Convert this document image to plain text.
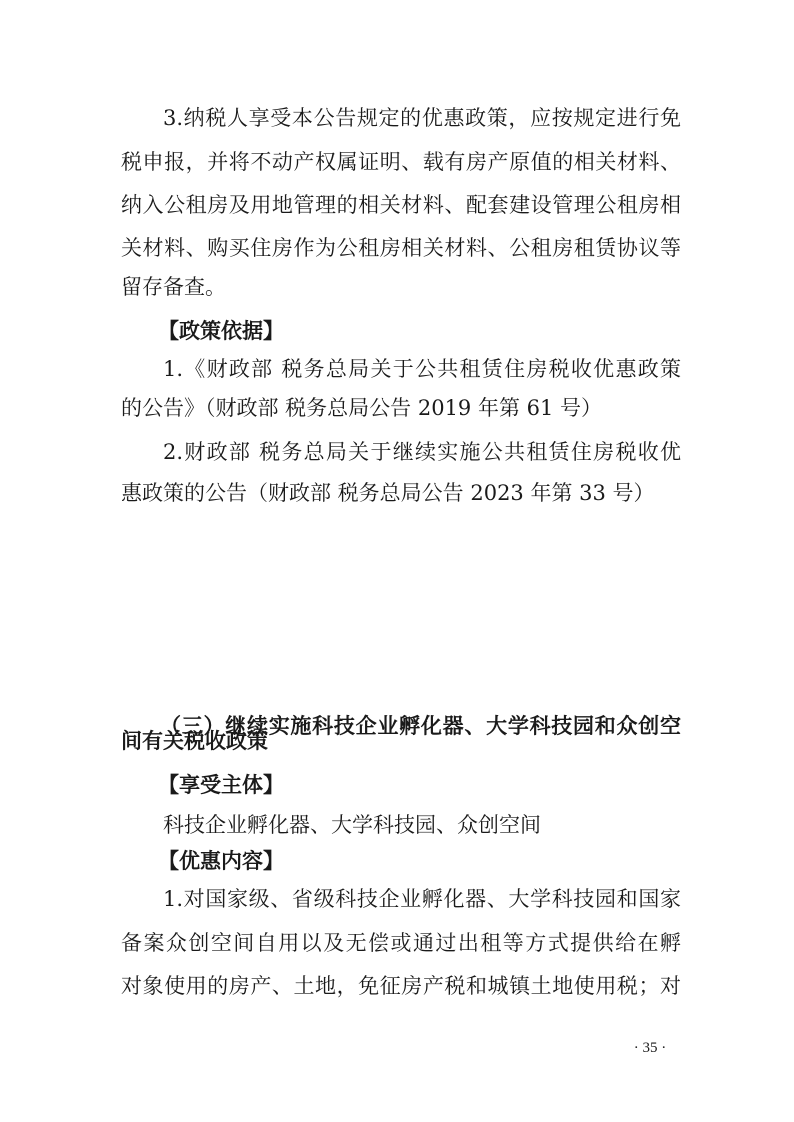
3.纳税人享受本公告规定的优惠政策，应按规定进行免
税申报，并将不动产权属证明、载有房产原值的相关材料、
纳入公租房及用地管理的相关材料、配套建设管理公租房相
关材料、购买住房作为公租房相关材料、公租房租赁协议等
留存备查。
【政策依据】
1.《财政部 税务总局关于公共租赁住房税收优惠政策
的公告》（财政部 税务总局公告 2019 年第 61 号）
2.财政部 税务总局关于继续实施公共租赁住房税收优
惠政策的公告（财政部 税务总局公告 2023 年第 33 号）
（三）继续实施科技企业孵化器、大学科技园和众创空
间有关税收政策
【享受主体】
科技企业孵化器、大学科技园、众创空间
【优惠内容】
1.对国家级、省级科技企业孵化器、大学科技园和国家
备案众创空间自用以及无偿或通过出租等方式提供给在孵
对象使用的房产、土地，免征房产税和城镇土地使用税；对
· 35 ·
